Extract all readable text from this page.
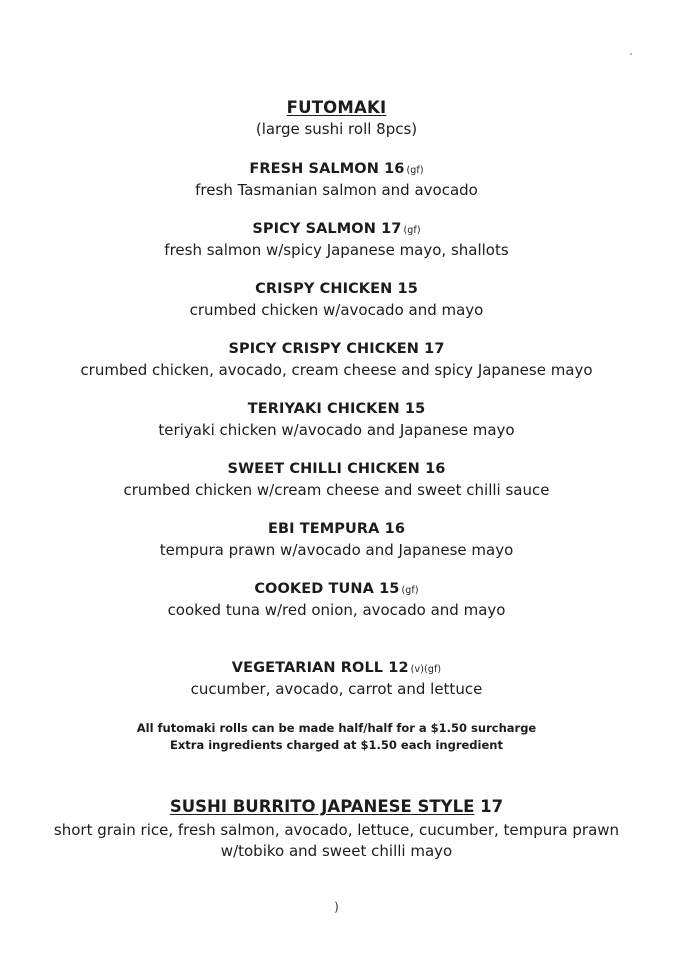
FUTOMAKI
(large sushi roll 8pcs)
FRESH SALMON 16 (gf)
fresh Tasmanian salmon and avocado
SPICY SALMON 17 (gf)
fresh salmon w/spicy Japanese mayo, shallots
CRISPY CHICKEN 15
crumbed chicken w/avocado and mayo
SPICY CRISPY CHICKEN 17
crumbed chicken, avocado, cream cheese and spicy Japanese mayo
TERIYAKI CHICKEN 15
teriyaki chicken w/avocado and Japanese mayo
SWEET CHILLI CHICKEN 16
crumbed chicken w/cream cheese and sweet chilli sauce
EBI TEMPURA 16
tempura prawn w/avocado and Japanese mayo
COOKED TUNA 15 (gf)
cooked tuna w/red onion, avocado and mayo
VEGETARIAN ROLL 12 (v)(gf)
cucumber, avocado, carrot and lettuce
All futomaki rolls can be made half/half for a $1.50 surcharge
Extra ingredients charged at $1.50 each ingredient
SUSHI BURRITO JAPANESE STYLE 17
short grain rice, fresh salmon, avocado, lettuce, cucumber, tempura prawn
w/tobiko and sweet chilli mayo
)
